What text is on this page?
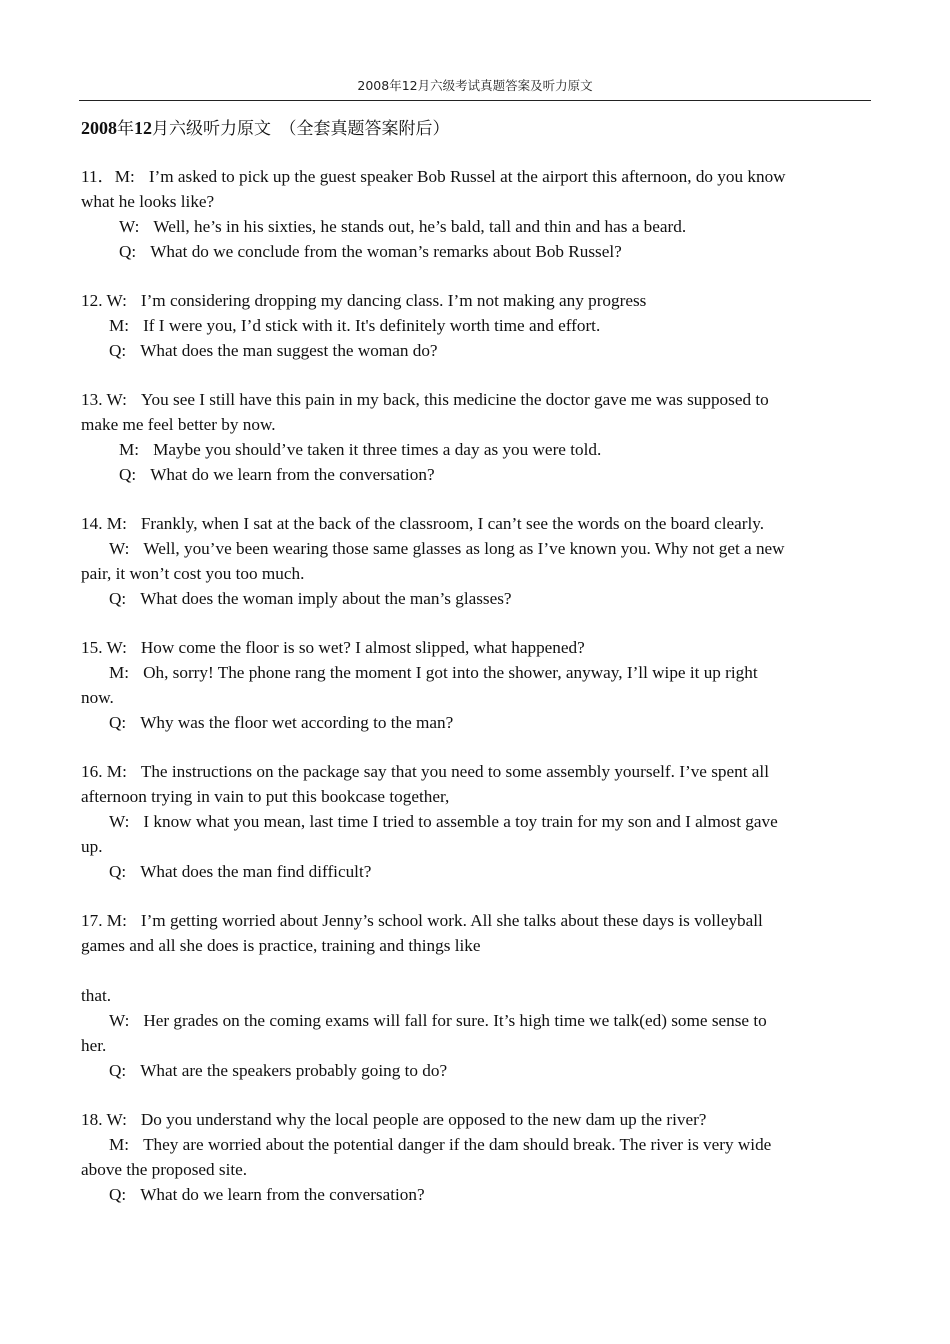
2008年12月六级考试真题答案及听力原文
2008年12月六级听力原文　（全套真题答案附后）
11．M: I’m asked to pick up the guest speaker Bob Russel at the airport this afternoon, do you know
what he looks like?
W: Well, he’s in his sixties, he stands out, he’s bald, tall and thin and has a beard.
Q: What do we conclude from the woman’s remarks about Bob Russel?
12. W: I’m considering dropping my dancing class. I’m not making any progress
M: If I were you, I’d stick with it. It's definitely worth time and effort.
Q: What does the man suggest the woman do?
13. W: You see I still have this pain in my back, this medicine the doctor gave me was supposed to
make me feel better by now.
M: Maybe you should’ve taken it three times a day as you were told.
Q: What do we learn from the conversation?
14. M: Frankly, when I sat at the back of the classroom, I can’t see the words on the board clearly.
W: Well, you’ve been wearing those same glasses as long as I’ve known you. Why not get a new
pair, it won’t cost you too much.
Q: What does the woman imply about the man’s glasses?
15. W: How come the floor is so wet? I almost slipped, what happened?
M: Oh, sorry! The phone rang the moment I got into the shower, anyway, I’ll wipe it up right
now.
Q: Why was the floor wet according to the man?
16. M: The instructions on the package say that you need to some assembly yourself. I’ve spent all
afternoon trying in vain to put this bookcase together,
W: I know what you mean, last time I tried to assemble a toy train for my son and I almost gave
up.
Q: What does the man find difficult?
17. M: I’m getting worried about Jenny’s school work. All she talks about these days is volleyball
games and all she does is practice, training and things like
that.
W: Her grades on the coming exams will fall for sure. It’s high time we talk(ed) some sense to
her.
Q: What are the speakers probably going to do?
18. W: Do you understand why the local people are opposed to the new dam up the river?
M: They are worried about the potential danger if the dam should break. The river is very wide
above the proposed site.
Q: What do we learn from the conversation?
